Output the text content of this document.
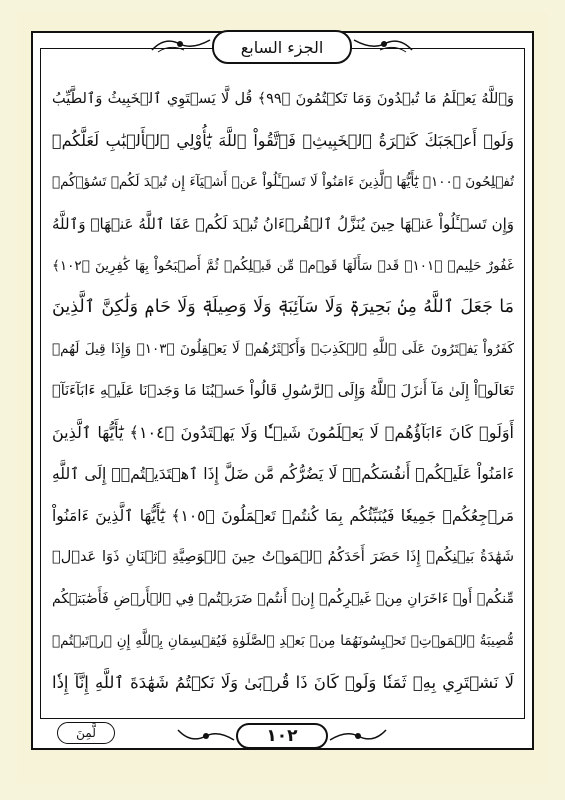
الجزء السابع
وَٱللَّهُ يَعۡلَمُ مَا تُبۡدُونَ وَمَا تَكۡتُمُونَ ﴿٩٩﴾ قُل لَّا يَسۡتَوِي ٱلۡخَبِيثُ وَٱلطَّيِّبُ
وَلَوۡ أَعۡجَبَكَ كَثۡرَةُ ٱلۡخَبِيثِۚ فَٱتَّقُواْ ٱللَّهَ يَٰٓأُوْلِي ٱلۡأَلۡبَٰبِ لَعَلَّكُمۡ
تُفۡلِحُونَ ﴿١٠٠﴾ يَٰٓأَيُّهَا ٱلَّذِينَ ءَامَنُواْ لَا تَسۡـَٔلُواْ عَنۡ أَشۡيَآءَ إِن تُبۡدَ لَكُمۡ تَسُؤۡكُمۡ
وَإِن تَسۡـَٔلُواْ عَنۡهَا حِينَ يُنَزَّلُ ٱلۡقُرۡءَانُ تُبۡدَ لَكُمۡ عَفَا ٱللَّهُ عَنۡهَاۗ وَٱللَّهُ
غَفُورٌ حَلِيمٞ ﴿١٠١﴾ قَدۡ سَأَلَهَا قَوۡمٞ مِّن قَبۡلِكُمۡ ثُمَّ أَصۡبَحُواْ بِهَا كَٰفِرِينَ ﴿١٠٢﴾
مَا جَعَلَ ٱللَّهُ مِنۢ بَحِيرَةٖ وَلَا سَآئِبَةٖ وَلَا وَصِيلَةٖ وَلَا حَامٖ وَلَٰكِنَّ ٱلَّذِينَ
كَفَرُواْ يَفۡتَرُونَ عَلَى ٱللَّهِ ٱلۡكَذِبَۖ وَأَكۡثَرُهُمۡ لَا يَعۡقِلُونَ ﴿١٠٣﴾ وَإِذَا قِيلَ لَهُمۡ
تَعَالَوۡاْ إِلَىٰ مَآ أَنزَلَ ٱللَّهُ وَإِلَى ٱلرَّسُولِ قَالُواْ حَسۡبُنَا مَا وَجَدۡنَا عَلَيۡهِ ءَابَآءَنَآۚ
أَوَلَوۡ كَانَ ءَابَآؤُهُمۡ لَا يَعۡلَمُونَ شَيۡـٔٗا وَلَا يَهۡتَدُونَ ﴿١٠٤﴾ يَٰٓأَيُّهَا ٱلَّذِينَ
ءَامَنُواْ عَلَيۡكُمۡ أَنفُسَكُمۡۖ لَا يَضُرُّكُم مَّن ضَلَّ إِذَا ٱهۡتَدَيۡتُمۡۚ إِلَى ٱللَّهِ
مَرۡجِعُكُمۡ جَمِيعٗا فَيُنَبِّئُكُم بِمَا كُنتُمۡ تَعۡمَلُونَ ﴿١٠٥﴾ يَٰٓأَيُّهَا ٱلَّذِينَ ءَامَنُواْ
شَهَٰدَةُ بَيۡنِكُمۡ إِذَا حَضَرَ أَحَدَكُمُ ٱلۡمَوۡتُ حِينَ ٱلۡوَصِيَّةِ ٱثۡنَانِ ذَوَا عَدۡلٖ
مِّنكُمۡ أَوۡ ءَاخَرَانِ مِنۡ غَيۡرِكُمۡ إِنۡ أَنتُمۡ ضَرَبۡتُمۡ فِي ٱلۡأَرۡضِ فَأَصَٰبَتۡكُم
مُّصِيبَةُ ٱلۡمَوۡتِۚ تَحۡبِسُونَهُمَا مِنۢ بَعۡدِ ٱلصَّلَوٰةِ فَيُقۡسِمَانِ بِٱللَّهِ إِنِ ٱرۡتَبۡتُمۡ
لَا نَشۡتَرِي بِهِۦ ثَمَنٗا وَلَوۡ كَانَ ذَا قُرۡبَىٰ وَلَا نَكۡتُمُ شَهَٰدَةَ ٱللَّهِ إِنَّآ إِذٗا
١٠٢
لَّمِنَ
